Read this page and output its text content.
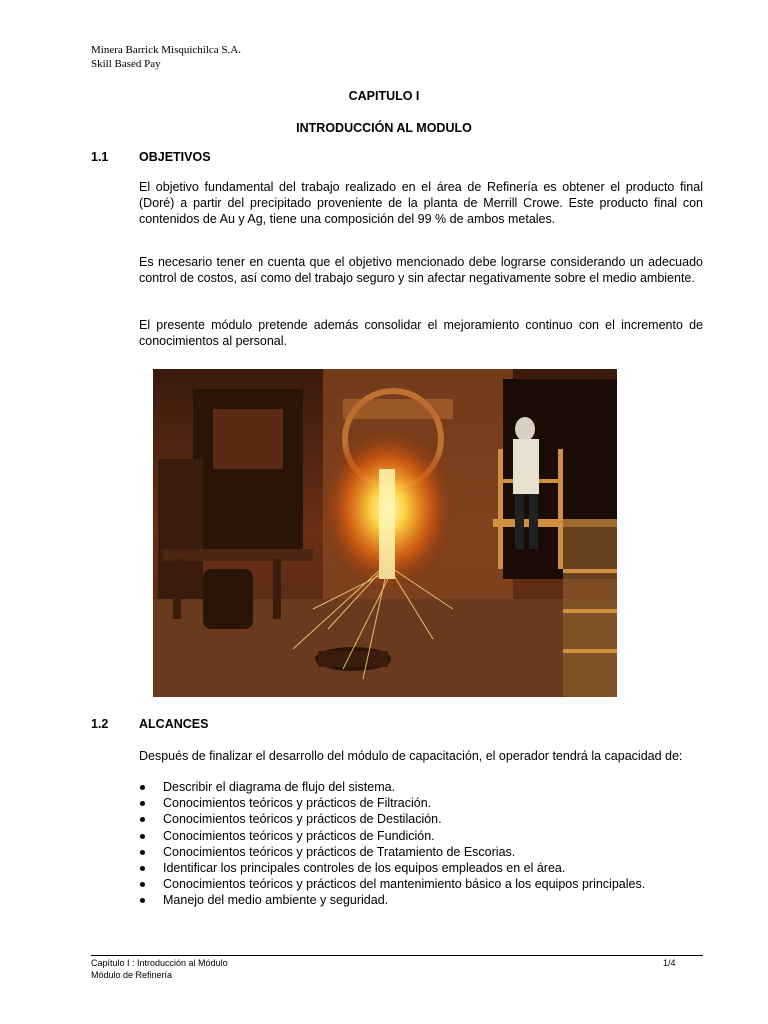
Minera Barrick Misquichilca S.A.
Skill Based Pay
CAPITULO I
INTRODUCCIÓN AL MODULO
1.1 OBJETIVOS

El objetivo fundamental del trabajo realizado en el área de Refinería es obtener el producto final (Doré) a partir del precipitado proveniente de la planta de Merrill Crowe. Este producto final con contenidos de Au y Ag, tiene una composición del 99 % de ambos metales.

Es necesario tener en cuenta que el objetivo mencionado debe lograrse considerando un adecuado control de costos, así como del trabajo seguro y sin afectar negativamente sobre el medio ambiente.

El presente módulo pretende además consolidar el mejoramiento continuo con el incremento de conocimientos al personal.

1.2 ALCANCES

Después de finalizar el desarrollo del módulo de capacitación, el operador tendrá la capacidad de:

Describir el diagrama de flujo del sistema.
Conocimientos teóricos y prácticos de Filtración.
Conocimientos teóricos y prácticos de Destilación.
Conocimientos teóricos y prácticos de Fundición.
Conocimientos teóricos y prácticos de Tratamiento de Escorias.
Identificar los principales controles de los equipos empleados en el área.
Conocimientos teóricos y prácticos del mantenimiento básico a los equipos principales.
Manejo del medio ambiente y seguridad.
Capítulo I : Introducción al Módulo
Módulo de Refinería
1/4
